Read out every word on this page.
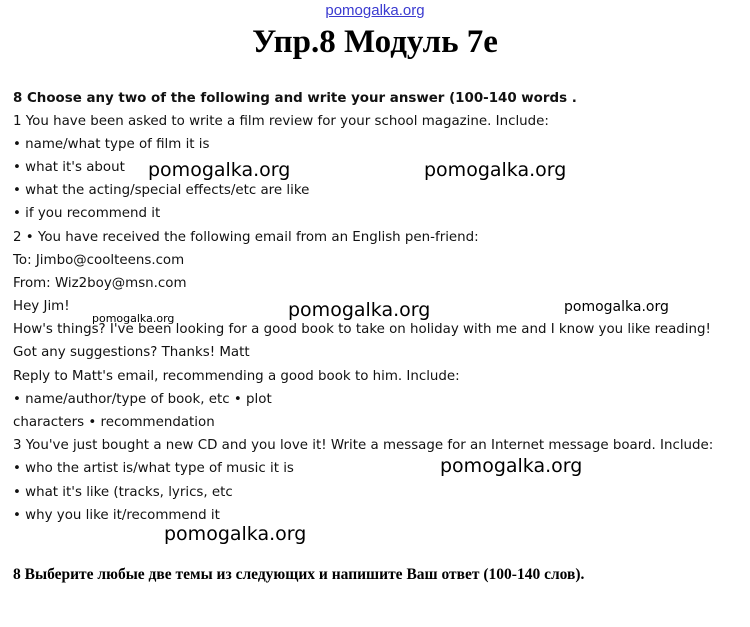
pomogalka.org
Упр.8 Модуль 7е
8 Choose any two of the following and write your answer (100-140 words .
1 You have been asked to write a film review for your school magazine. Include:
• name/what type of film it is
• what it's about
• what the acting/special effects/etc are like
• if you recommend it
2 • You have received the following email from an English pen-friend:
To: Jimbo@coolteens.com
From: Wiz2boy@msn.com
Hey Jim!
How's things? I've been looking for a good book to take on holiday with me and I know you like reading!
Got any suggestions? Thanks! Matt
Reply to Matt's email, recommending a good book to him. Include:
• name/author/type of book, etc • plot
characters • recommendation
3 You've just bought a new CD and you love it! Write a message for an Internet message board. Include:
• who the artist is/what type of music it is
• what it's like (tracks, lyrics, etc
• why you like it/recommend it
pomogalka.org	pomogalka.org
pomogalka.org	pomogalka.org
pomogalka.org
pomogalka.org
pomogalka.org
8 Выберите любые две темы из следующих и напишите Ваш ответ (100-140 слов).
